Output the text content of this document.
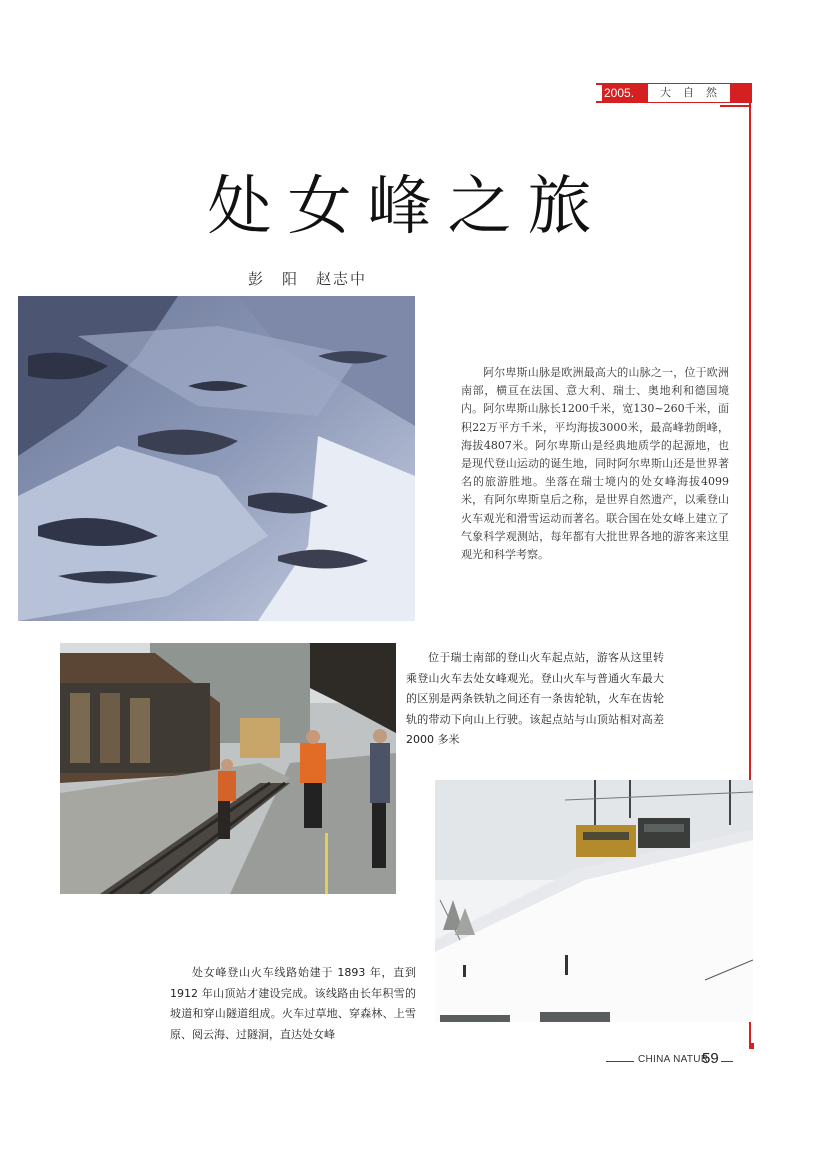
2005.	大自然
处女峰之旅
彭　阳　赵志中
阿尔卑斯山脉是欧洲最高大的山脉之一，位于欧洲南部，横亘在法国、意大利、瑞士、奥地利和德国境内。阿尔卑斯山脉长1200千米，宽130~260千米，面积22万平方千米，平均海拔3000米，最高峰勃朗峰，海拔4807米。阿尔卑斯山是经典地质学的起源地，也是现代登山运动的诞生地，同时阿尔卑斯山还是世界著名的旅游胜地。坐落在瑞士境内的处女峰海拔4099米，有阿尔卑斯皇后之称，是世界自然遗产，以乘登山火车观光和滑雪运动而著名。联合国在处女峰上建立了气象科学观测站，每年都有大批世界各地的游客来这里观光和科学考察。
位于瑞士南部的登山火车起点站，游客从这里转乘登山火车去处女峰观光。登山火车与普通火车最大的区别是两条铁轨之间还有一条齿轮轨，火车在齿轮轨的带动下向山上行驶。该起点站与山顶站相对高差 2000 多米
处女峰登山火车线路始建于 1893 年，直到 1912 年山顶站才建设完成。该线路由长年积雪的坡道和穿山隧道组成。火车过草地、穿森林、上雪原、阅云海、过隧洞，直达处女峰
CHINA NATUR
59
